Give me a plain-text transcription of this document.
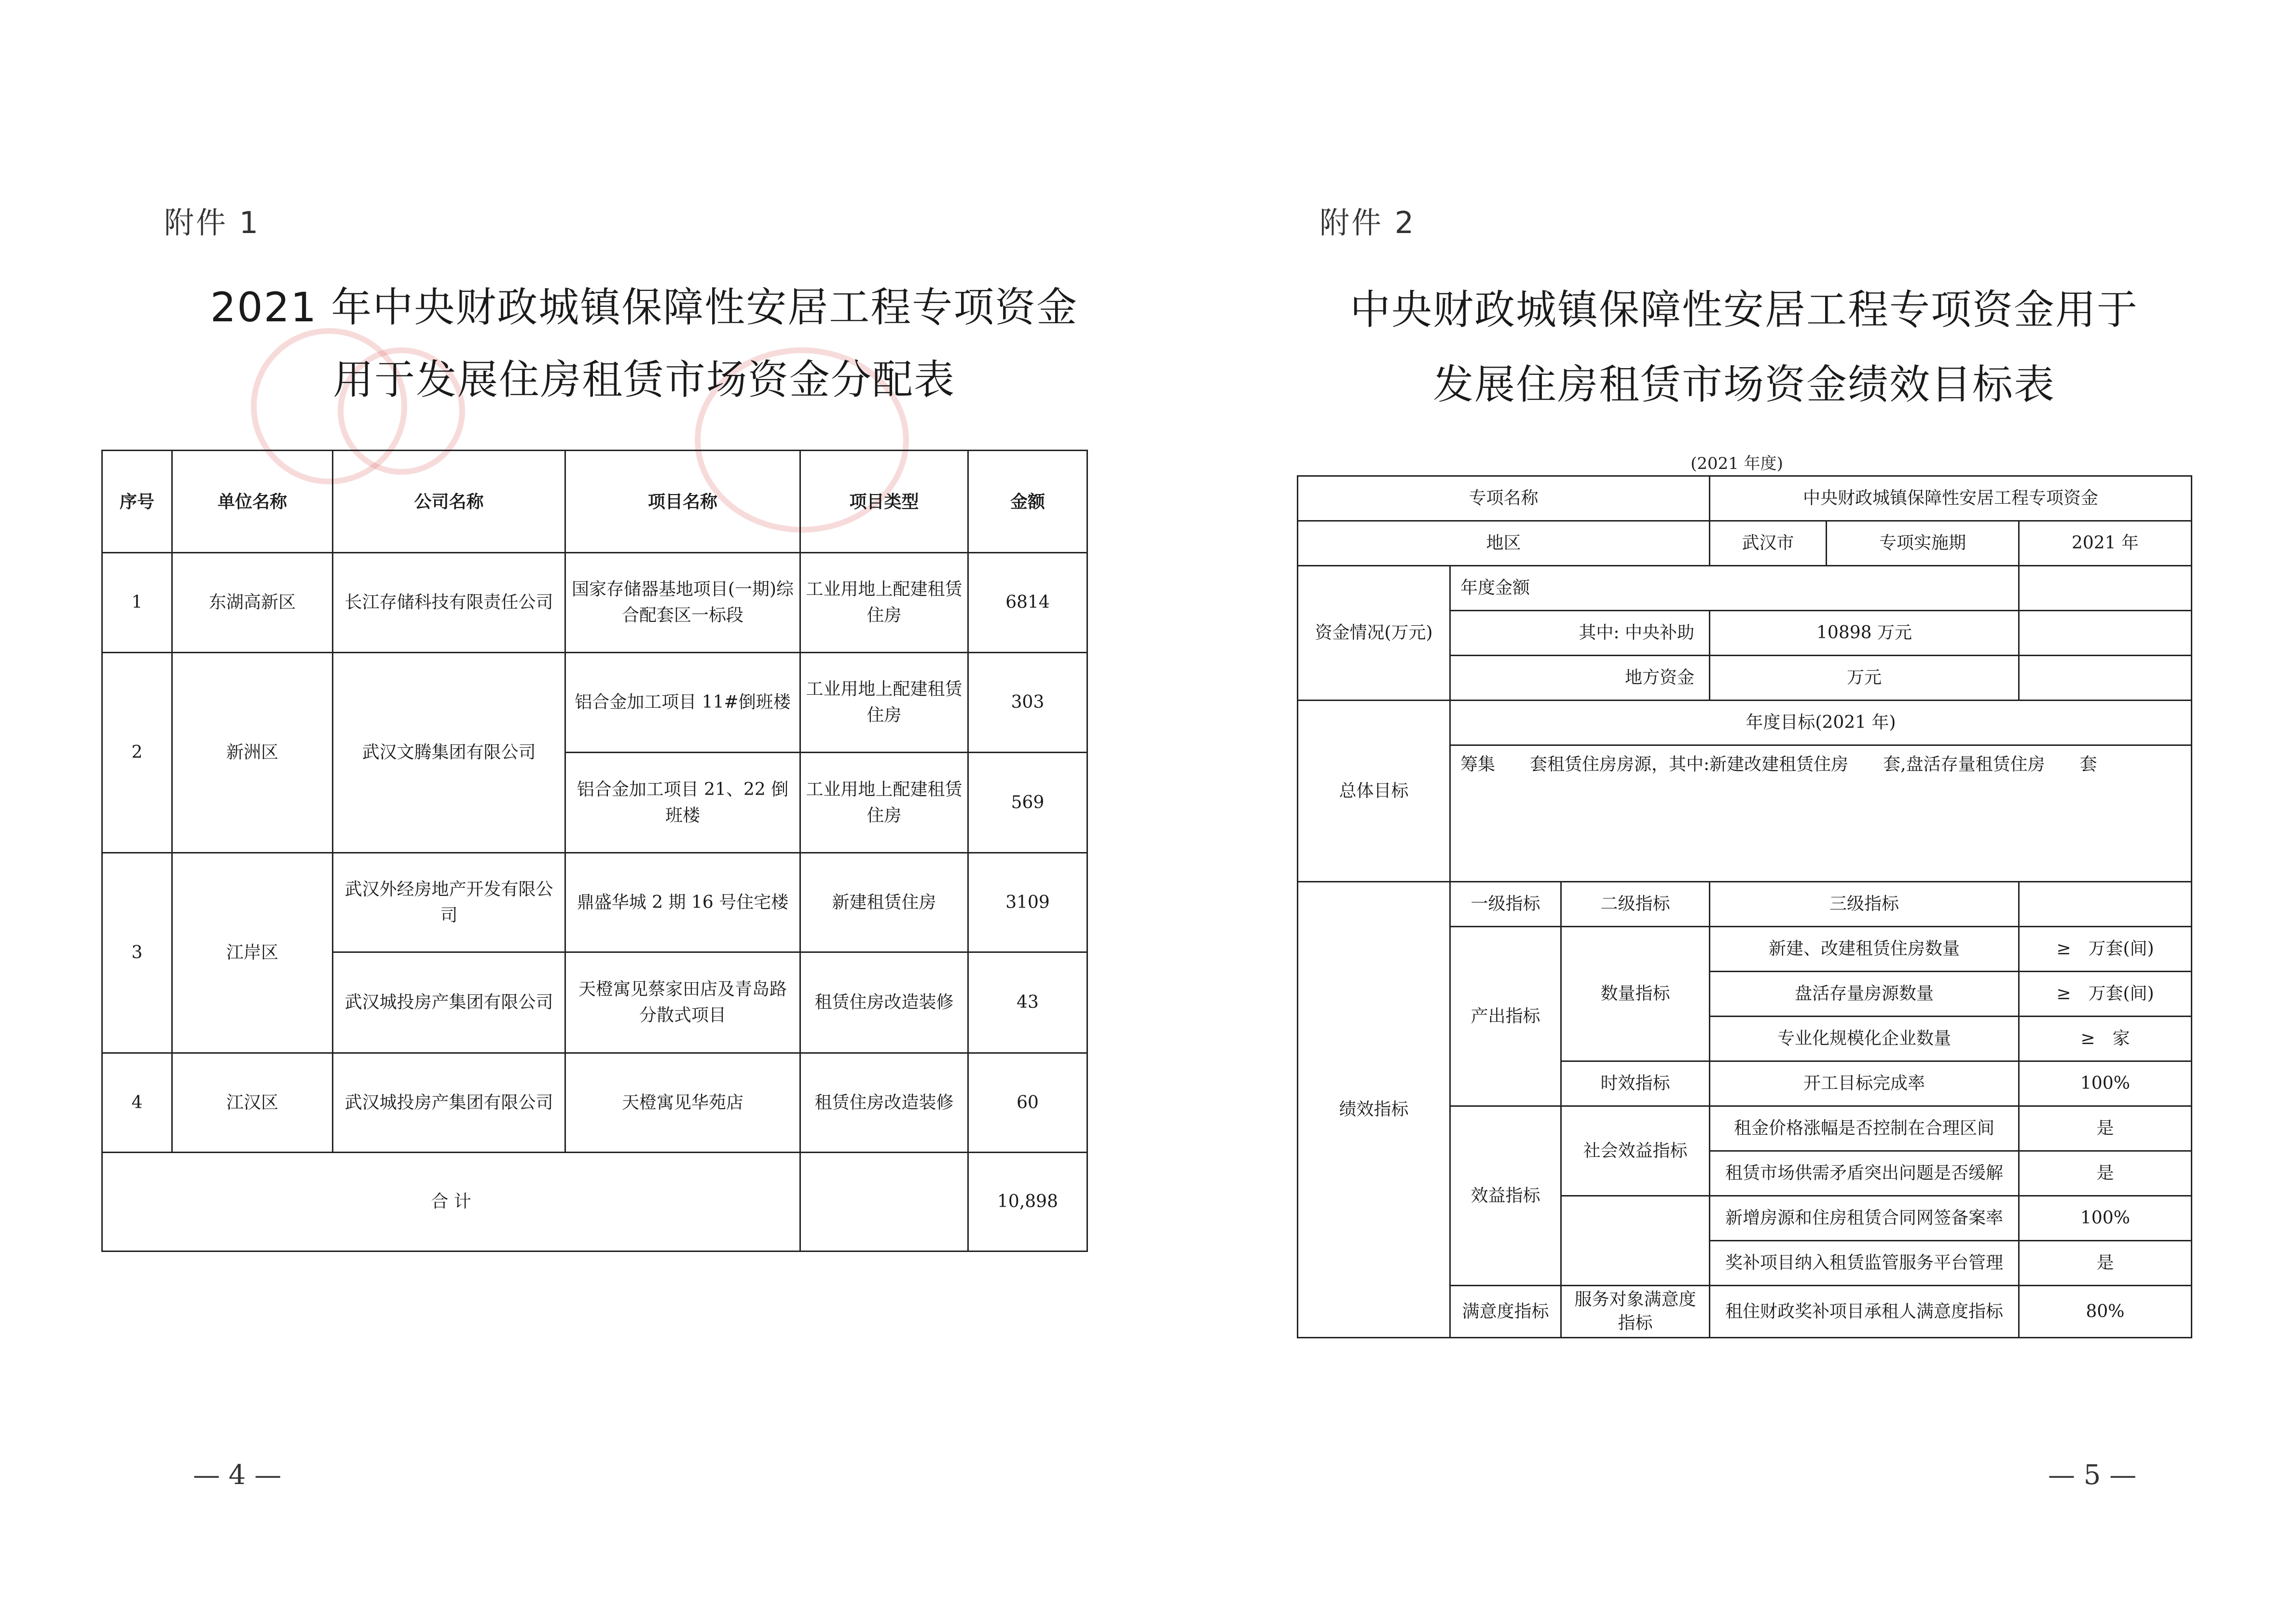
附件 1
2021 年中央财政城镇保障性安居工程专项资金
用于发展住房租赁市场资金分配表
序号	单位名称	公司名称	项目名称	项目类型	金额
1	东湖高新区	长江存储科技有限责任公司	国家存储器基地项目(一期)综合配套区一标段	工业用地上配建租赁住房	6814
2	新洲区	武汉文腾集团有限公司	铝合金加工项目 11#倒班楼	工业用地上配建租赁住房	303
			铝合金加工项目 21、22 倒班楼	工业用地上配建租赁住房	569
3	江岸区	武汉外经房地产开发有限公司	鼎盛华城 2 期 16 号住宅楼	新建租赁住房	3109
		武汉城投房产集团有限公司	天橙寓见蔡家田店及青岛路分散式项目	租赁住房改造装修	43
4	江汉区	武汉城投房产集团有限公司	天橙寓见华苑店	租赁住房改造装修	60
合 计					10,898
— 4 —
附件 2
中央财政城镇保障性安居工程专项资金用于
发展住房租赁市场资金绩效目标表
(2021 年度)
专项名称			中央财政城镇保障性安居工程专项资金		
地区			武汉市	专项实施期	2021 年
资金情况(万元)	年度金额				
	其中: 中央补助		10898 万元		
	地方资金		万元		
总体目标	年度目标(2021 年)				
	筹集　　套租赁住房房源，其中:新建改建租赁住房　　套,盘活存量租赁住房　　套				
绩效指标	一级指标	二级指标	三级指标		
	产出指标	数量指标	新建、改建租赁住房数量		≥　万套(间)
			盘活存量房源数量		≥　万套(间)
			专业化规模化企业数量		≥　家
		时效指标	开工目标完成率		100%
	效益指标	社会效益指标	租金价格涨幅是否控制在合理区间		是
			租赁市场供需矛盾突出问题是否缓解		是
			新增房源和住房租赁合同网签备案率		100%
			奖补项目纳入租赁监管服务平台管理		是
	满意度指标	服务对象满意度指标	租住财政奖补项目承租人满意度指标		80%
— 5 —
